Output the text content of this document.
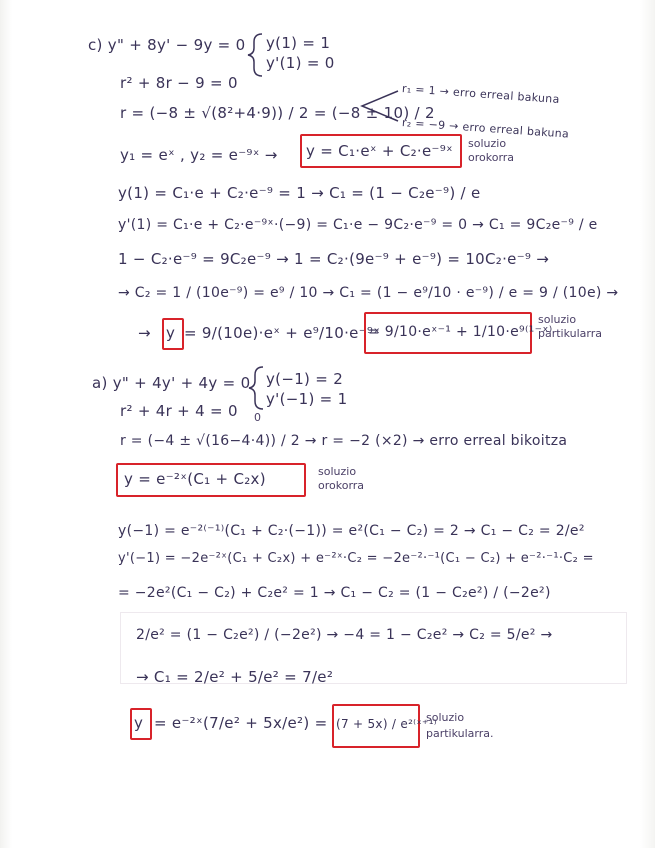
c) y" + 8y' − 9y = 0 y(1) = 1
y'(1) = 0
r² + 8r − 9 = 0
r = (−8 ± √(8²+4·9)) / 2 = (−8 ± 10) / 2
r₁ = 1 → erro erreal bakuna
r₂ = −9 → erro erreal bakuna
y₁ = eˣ , y₂ = e⁻⁹ˣ → y = C₁·eˣ + C₂·e⁻⁹ˣ soluzio
orokorra
y(1) = C₁·e + C₂·e⁻⁹ = 1 → C₁ = (1 − C₂e⁻⁹) / e
y'(1) = C₁·e + C₂·e⁻⁹ˣ·(−9) = C₁·e − 9C₂·e⁻⁹ = 0 → C₁ = 9C₂e⁻⁹ / e
1 − C₂·e⁻⁹ = 9C₂e⁻⁹ → 1 = C₂·(9e⁻⁹ + e⁻⁹) = 10C₂·e⁻⁹ →
→ C₂ = 1 / (10e⁻⁹) = e⁹ / 10 → C₁ = (1 − e⁹/10 · e⁻⁹) / e = 9 / (10e) →
→ y = 9/(10e)·eˣ + e⁹/10·e⁻⁹ˣ
= 9/10·eˣ⁻¹ + 1/10·e⁹⁽¹⁻ˣ⁾
soluzio
partikularra
a) y" + 4y' + 4y = 0 y(−1) = 2
y'(−1) = 1
r² + 4r + 4 = 0
r = (−4 ± √(16−4·4)) / 2 → r = −2 (×2) → erro erreal bikoitza
0
y = e⁻²ˣ(C₁ + C₂x)	soluzio
orokorra
y(−1) = e⁻²⁽⁻¹⁾(C₁ + C₂·(−1)) = e²(C₁ − C₂) = 2 → C₁ − C₂ = 2/e²
y'(−1) = −2e⁻²ˣ(C₁ + C₂x) + e⁻²ˣ·C₂ = −2e⁻²·⁻¹(C₁ − C₂) + e⁻²·⁻¹·C₂ =
= −2e²(C₁ − C₂) + C₂e² = 1 → C₁ − C₂ = (1 − C₂e²) / (−2e²)
2/e² = (1 − C₂e²) / (−2e²) → −4 = 1 − C₂e² → C₂ = 5/e² →
→ C₁ = 2/e² + 5/e² = 7/e²
y = e⁻²ˣ(7/e² + 5x/e²) = (7 + 5x) / e²⁽ˣ⁺¹⁾
soluzio
partikularra.
